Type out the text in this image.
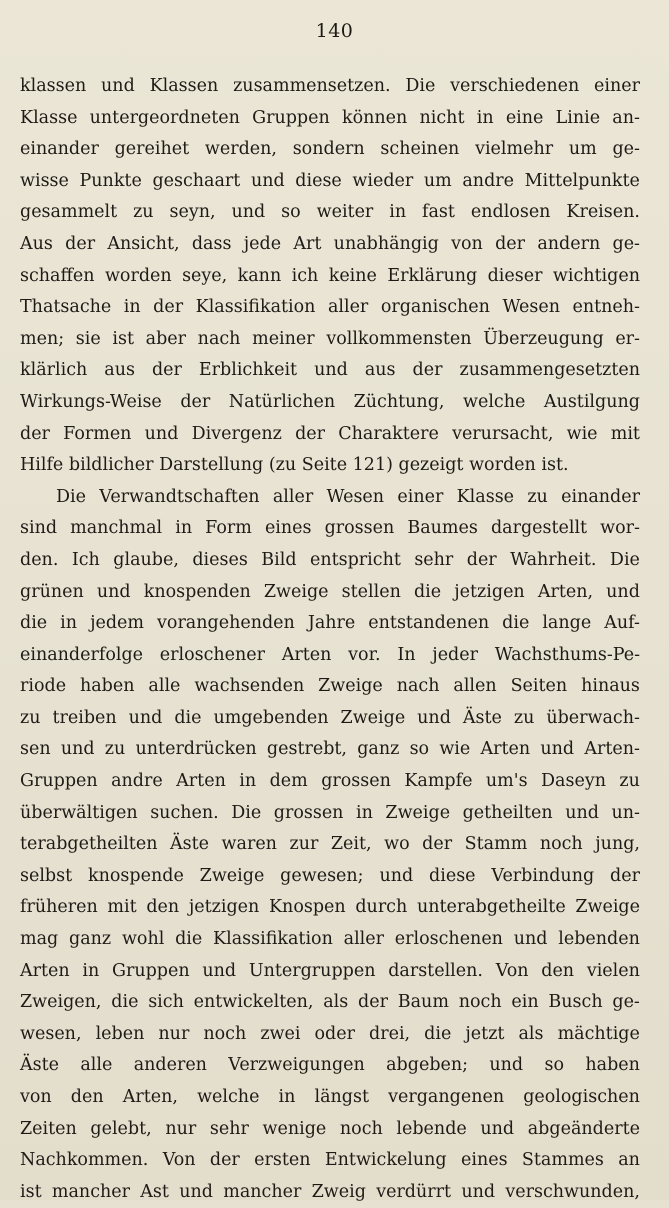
140
klassen und Klassen zusammensetzen. Die verschiedenen einer
Klasse untergeordneten Gruppen können nicht in eine Linie an-
einander gereihet werden, sondern scheinen vielmehr um ge-
wisse Punkte geschaart und diese wieder um andre Mittelpunkte
gesammelt zu seyn, und so weiter in fast endlosen Kreisen.
Aus der Ansicht, dass jede Art unabhängig von der andern ge-
schaffen worden seye, kann ich keine Erklärung dieser wichtigen
Thatsache in der Klassifikation aller organischen Wesen entneh-
men; sie ist aber nach meiner vollkommensten Überzeugung er-
klärlich aus der Erblichkeit und aus der zusammengesetzten
Wirkungs-Weise der Natürlichen Züchtung, welche Austilgung
der Formen und Divergenz der Charaktere verursacht, wie mit
Hilfe bildlicher Darstellung (zu Seite 121) gezeigt worden ist.
Die Verwandtschaften aller Wesen einer Klasse zu einander
sind manchmal in Form eines grossen Baumes dargestellt wor-
den. Ich glaube, dieses Bild entspricht sehr der Wahrheit. Die
grünen und knospenden Zweige stellen die jetzigen Arten, und
die in jedem vorangehenden Jahre entstandenen die lange Auf-
einanderfolge erloschener Arten vor. In jeder Wachsthums-Pe-
riode haben alle wachsenden Zweige nach allen Seiten hinaus
zu treiben und die umgebenden Zweige und Äste zu überwach-
sen und zu unterdrücken gestrebt, ganz so wie Arten und Arten-
Gruppen andre Arten in dem grossen Kampfe um's Daseyn zu
überwältigen suchen. Die grossen in Zweige getheilten und un-
terabgetheilten Äste waren zur Zeit, wo der Stamm noch jung,
selbst knospende Zweige gewesen; und diese Verbindung der
früheren mit den jetzigen Knospen durch unterabgetheilte Zweige
mag ganz wohl die Klassifikation aller erloschenen und lebenden
Arten in Gruppen und Untergruppen darstellen. Von den vielen
Zweigen, die sich entwickelten, als der Baum noch ein Busch ge-
wesen, leben nur noch zwei oder drei, die jetzt als mächtige
Äste alle anderen Verzweigungen abgeben; und so haben
von den Arten, welche in längst vergangenen geologischen
Zeiten gelebt, nur sehr wenige noch lebende und abgeänderte
Nachkommen. Von der ersten Entwickelung eines Stammes an
ist mancher Ast und mancher Zweig verdürrt und verschwunden,
